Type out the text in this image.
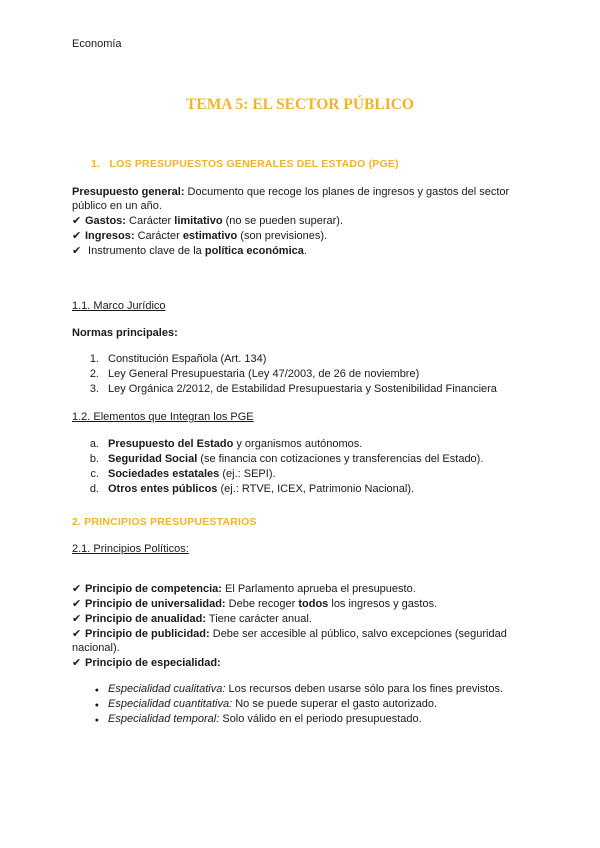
Economía
TEMA 5: EL SECTOR PÚBLICO
1. LOS PRESUPUESTOS GENERALES DEL ESTADO (PGE)
Presupuesto general: Documento que recoge los planes de ingresos y gastos del sector
público en un año.
✔ Gastos: Carácter limitativo (no se pueden superar).
✔ Ingresos: Carácter estimativo (son previsiones).
✔ Instrumento clave de la política económica.
1.1. Marco Jurídico
Normas principales:
1. Constitución Española (Art. 134)
2. Ley General Presupuestaria (Ley 47/2003, de 26 de noviembre)
3. Ley Orgánica 2/2012, de Estabilidad Presupuestaria y Sostenibilidad Financiera
1.2. Elementos que Integran los PGE
a. Presupuesto del Estado y organismos autónomos.
b. Seguridad Social (se financia con cotizaciones y transferencias del Estado).
c. Sociedades estatales (ej.: SEPI).
d. Otros entes públicos (ej.: RTVE, ICEX, Patrimonio Nacional).
2. PRINCIPIOS PRESUPUESTARIOS
2.1. Principios Políticos:
✔ Principio de competencia: El Parlamento aprueba el presupuesto.
✔ Principio de universalidad: Debe recoger todos los ingresos y gastos.
✔ Principio de anualidad: Tiene carácter anual.
✔ Principio de publicidad: Debe ser accesible al público, salvo excepciones (seguridad
nacional).
✔ Principio de especialidad:
● Especialidad cualitativa: Los recursos deben usarse sólo para los fines previstos.
● Especialidad cuantitativa: No se puede superar el gasto autorizado.
● Especialidad temporal: Solo válido en el periodo presupuestado.
